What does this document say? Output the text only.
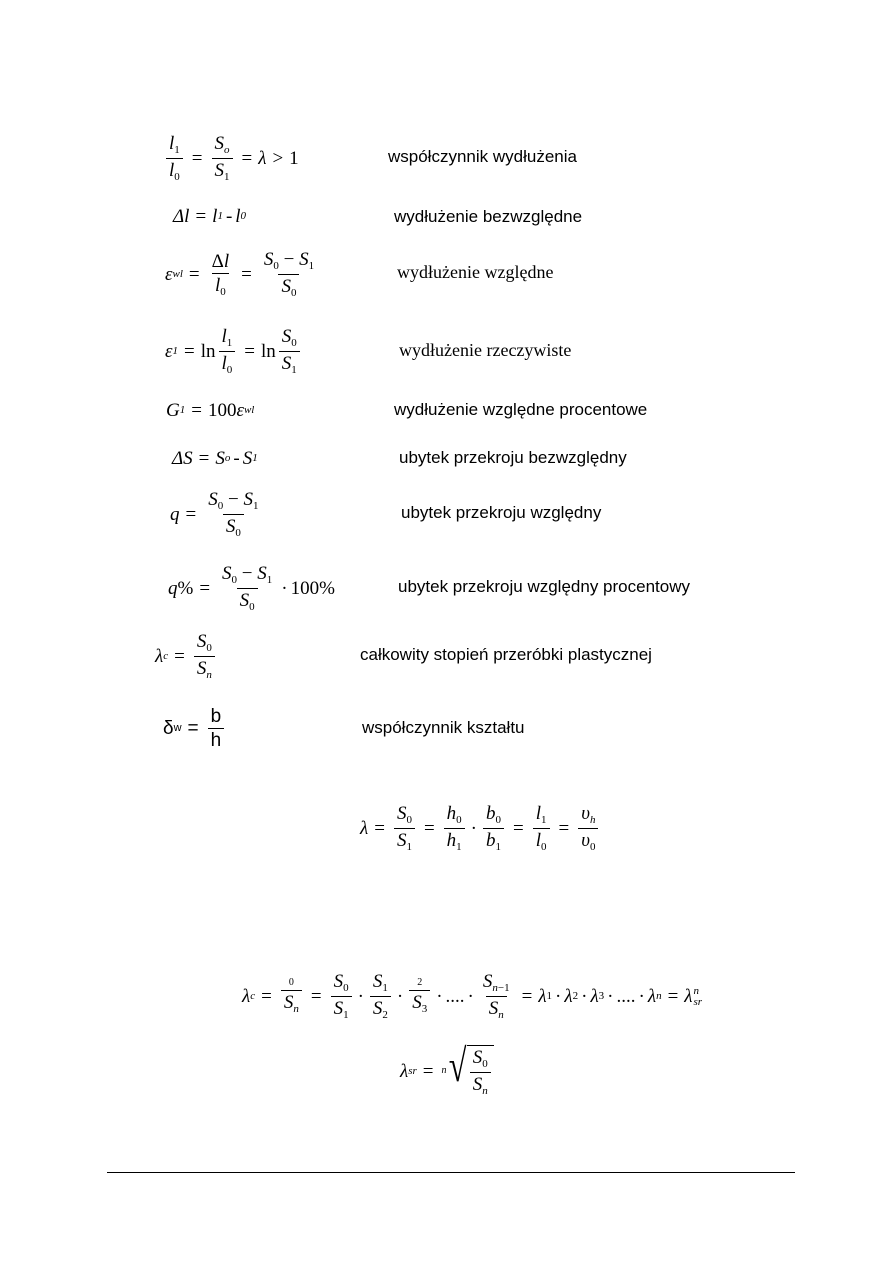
$\frac{l_1}{l_0} = \frac{S_o}{S_1} = \lambda > 1$	współczynnik wydłużenia
Δl = l 1 - l 0	wydłużenie bezwzględne
ε wl = $\frac{\Delta l}{l_0} = \frac{S_0 - S_1}{S_0}$	wydłużenie względne
ε $1 = \ln \frac{l_1}{l_0} = \ln \frac{S_0}{S_1}$	wydłużenie rzeczywiste
G 1 = 100 ε wl	wydłużenie względne procentowe
ΔS = S o - S 1	ubytek przekroju bezwzględny
$q = \frac{S_0 - S_1}{S_0}$	ubytek przekroju względny
q % = $\frac{S_0 - S_1}{S_0} \cdot 100\%$	ubytek przekroju względny procentowy
λ $c = \frac{S_0}{S_n}$	całkowity stopień przeróbki plastycznej
δ $w = \frac{b}{h}$	współczynnik kształtu
$\lambda = \frac{S_0}{S_1} = \frac{h_0}{h_1} \cdot \frac{b_0}{b_1} = \frac{l_1}{l_0} = \frac{\upsilon_h}{\upsilon_0}$
λ $c = \frac{0}{S_n} = \frac{S_0}{S_1} \cdot \frac{S_1}{S_2} \cdot \frac{2}{S_3}$ · .... · $\frac{S_{n-1}}{S_n} = \lambda$ 1 · λ 2 · λ 3 · .... · λ n = λ n
sr
λ sr = n √ $\frac{S_0}{S_n}$
